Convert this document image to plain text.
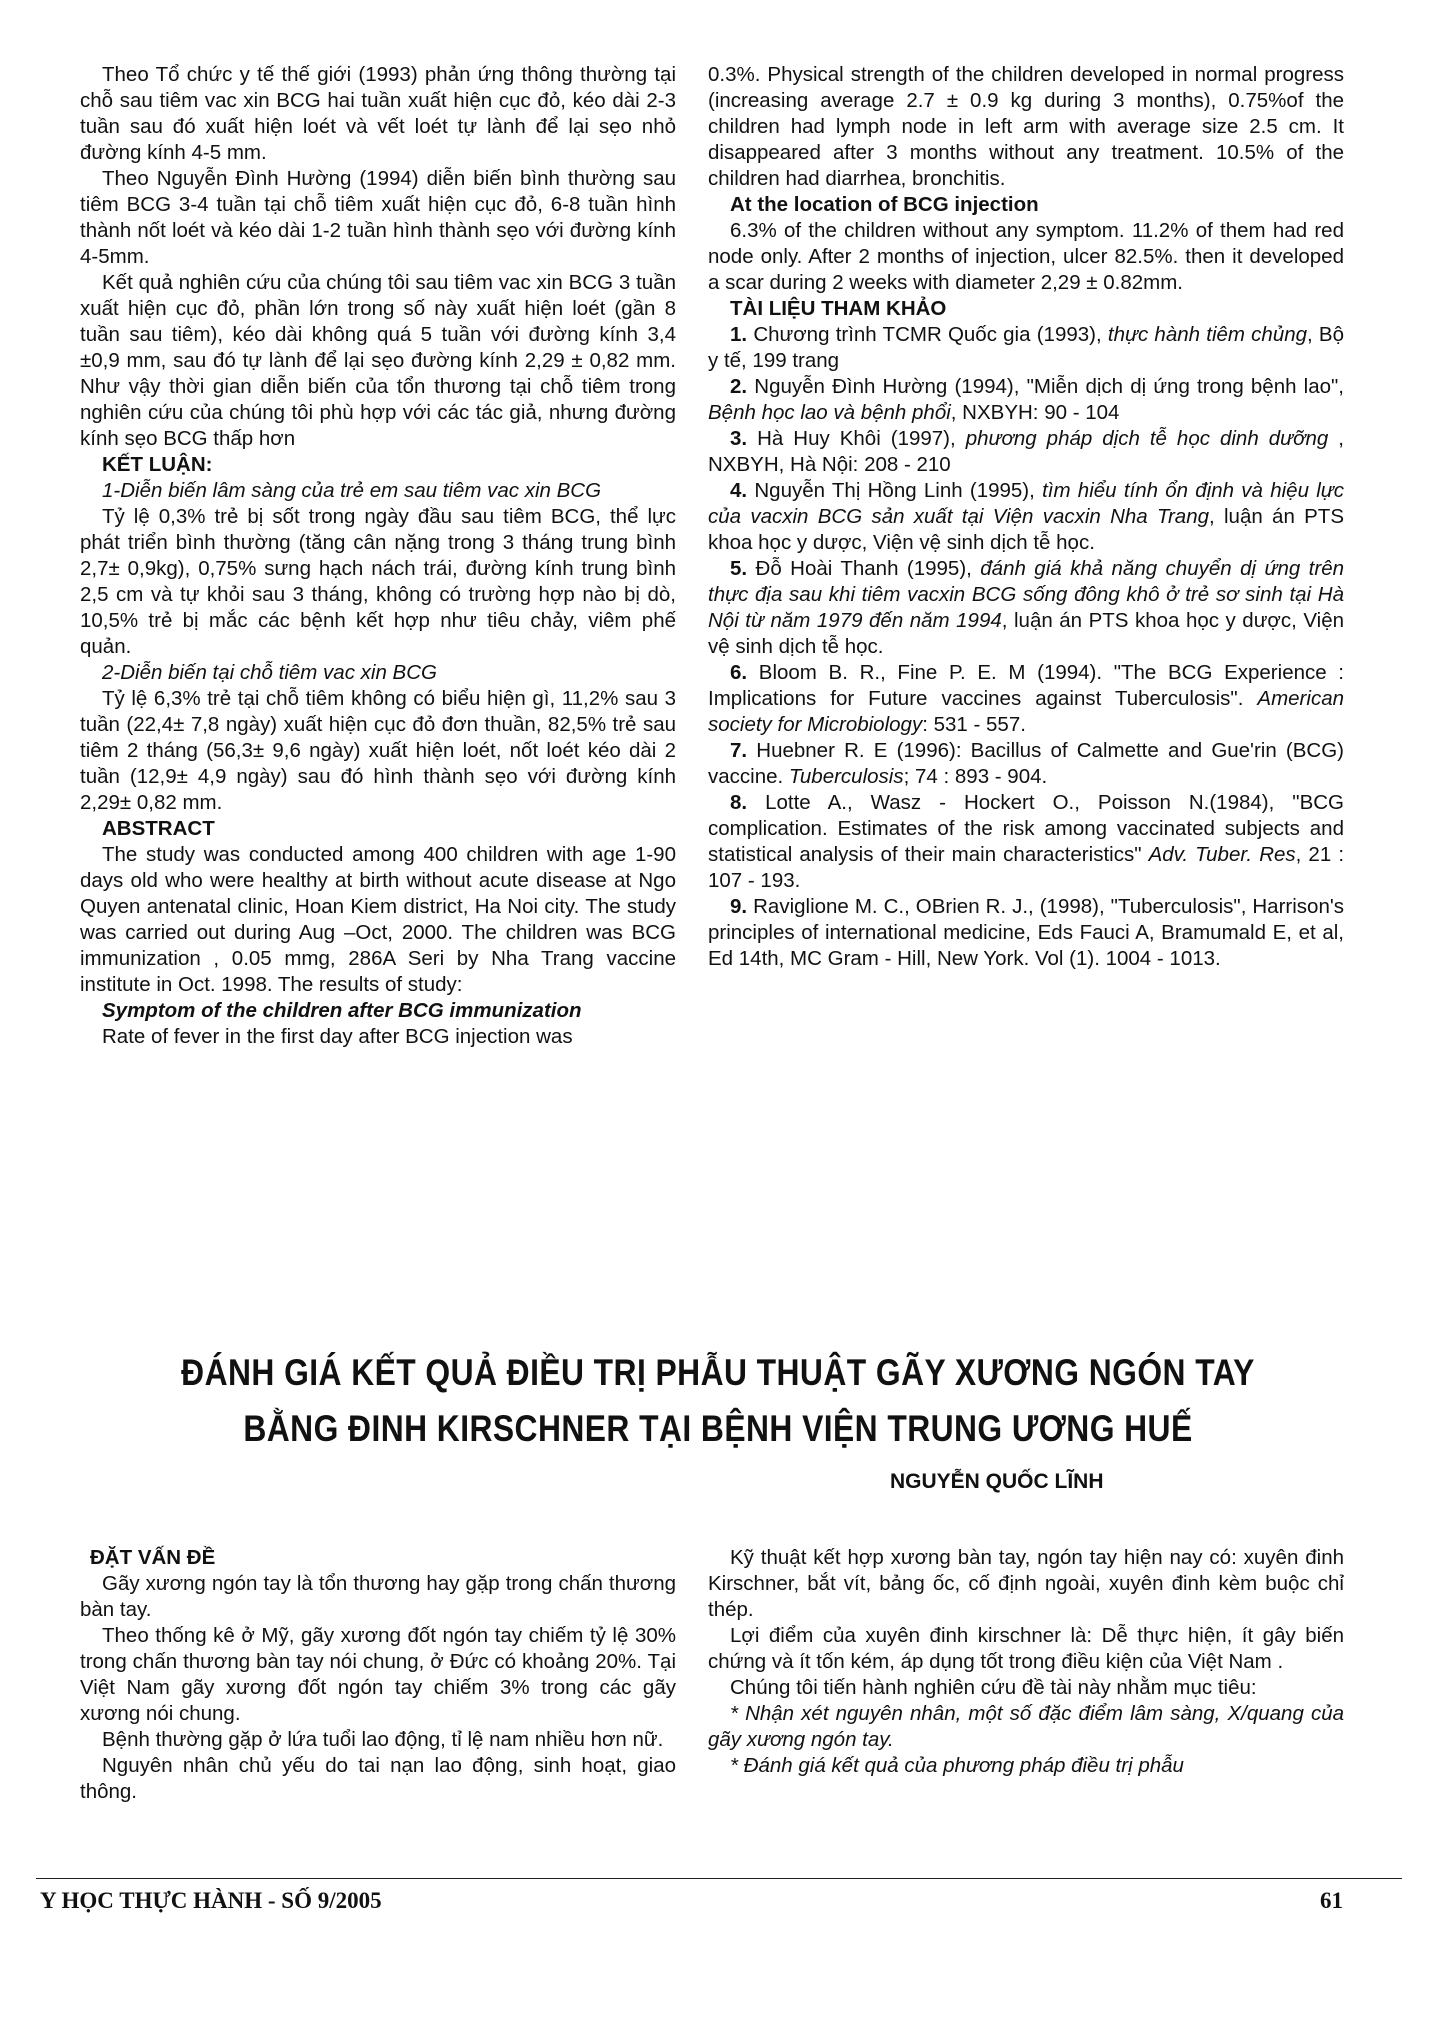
Theo Tổ chức y tế thế giới (1993) phản ứng thông thường tại chỗ sau tiêm vac xin BCG hai tuần xuất hiện cục đỏ, kéo dài 2-3 tuần sau đó xuất hiện loét và vết loét tự lành để lại sẹo nhỏ đường kính 4-5 mm.

Theo Nguyễn Đình Hường (1994) diễn biến bình thường sau tiêm BCG 3-4 tuần tại chỗ tiêm xuất hiện cục đỏ, 6-8 tuần hình thành nốt loét và kéo dài 1-2 tuần hình thành sẹo với đường kính 4-5mm.

Kết quả nghiên cứu của chúng tôi sau tiêm vac xin BCG 3 tuần xuất hiện cục đỏ, phần lớn trong số này xuất hiện loét (gần 8 tuần sau tiêm), kéo dài không quá 5 tuần với đường kính 3,4 ±0,9 mm, sau đó tự lành để lại sẹo đường kính 2,29 ± 0,82 mm. Như vậy thời gian diễn biến của tổn thương tại chỗ tiêm trong nghiên cứu của chúng tôi phù hợp với các tác giả, nhưng đường kính sẹo BCG thấp hơn

KẾT LUẬN:

1-Diễn biến lâm sàng của trẻ em sau tiêm vac xin BCG

Tỷ lệ 0,3% trẻ bị sốt trong ngày đầu sau tiêm BCG, thể lực phát triển bình thường (tăng cân nặng trong 3 tháng trung bình 2,7± 0,9kg), 0,75% sưng hạch nách trái, đường kính trung bình 2,5 cm và tự khỏi sau 3 tháng, không có trường hợp nào bị dò, 10,5% trẻ bị mắc các bệnh kết hợp như tiêu chảy, viêm phế quản.

2-Diễn biến tại chỗ tiêm vac xin BCG

Tỷ lệ 6,3% trẻ tại chỗ tiêm không có biểu hiện gì, 11,2% sau 3 tuần (22,4± 7,8 ngày) xuất hiện cục đỏ đơn thuần, 82,5% trẻ sau tiêm 2 tháng (56,3± 9,6 ngày) xuất hiện loét, nốt loét kéo dài 2 tuần (12,9± 4,9 ngày) sau đó hình thành sẹo với đường kính 2,29± 0,82 mm.

ABSTRACT

The study was conducted among 400 children with age 1-90 days old who were healthy at birth without acute disease at Ngo Quyen antenatal clinic, Hoan Kiem district, Ha Noi city. The study was carried out during Aug –Oct, 2000. The children was BCG immunization , 0.05 mmg, 286A Seri by Nha Trang vaccine institute in Oct. 1998. The results of study:

Symptom of the children after BCG immunization

Rate of fever in the first day after BCG injection was

0.3%. Physical strength of the children developed in normal progress (increasing average 2.7 ± 0.9 kg during 3 months), 0.75%of the children had lymph node in left arm with average size 2.5 cm. It disappeared after 3 months without any treatment. 10.5% of the children had diarrhea, bronchitis.

At the location of BCG injection

6.3% of the children without any symptom. 11.2% of them had red node only. After 2 months of injection, ulcer 82.5%. then it developed a scar during 2 weeks with diameter 2,29 ± 0.82mm.

TÀI LIỆU THAM KHẢO

1. Chương trình TCMR Quốc gia (1993), thực hành tiêm chủng, Bộ y tế, 199 trang

2. Nguyễn Đình Hường (1994), "Miễn dịch dị ứng trong bệnh lao", Bệnh học lao và bệnh phổi, NXBYH: 90 - 104

3. Hà Huy Khôi (1997), phương pháp dịch tễ học dinh dưỡng , NXBYH, Hà Nội: 208 - 210

4. Nguyễn Thị Hồng Linh (1995), tìm hiểu tính ổn định và hiệu lực của vacxin BCG sản xuất tại Viện vacxin Nha Trang, luận án PTS khoa học y dược, Viện vệ sinh dịch tễ học.

5. Đỗ Hoài Thanh (1995), đánh giá khả năng chuyển dị ứng trên thực địa sau khi tiêm vacxin BCG sống đông khô ở trẻ sơ sinh tại Hà Nội từ năm 1979 đến năm 1994, luận án PTS khoa học y dược, Viện vệ sinh dịch tễ học.

6. Bloom B. R., Fine P. E. M (1994). "The BCG Experience : Implications for Future vaccines against Tuberculosis". American society for Microbiology: 531 - 557.

7. Huebner R. E (1996): Bacillus of Calmette and Gue'rin (BCG) vaccine. Tuberculosis; 74 : 893 - 904.

8. Lotte A., Wasz - Hockert O., Poisson N.(1984), "BCG complication. Estimates of the risk among vaccinated subjects and statistical analysis of their main characteristics" Adv. Tuber. Res, 21 : 107 - 193.

9. Raviglione M. C., OBrien R. J., (1998), "Tuberculosis", Harrison's principles of international medicine, Eds Fauci A, Bramumald E, et al, Ed 14th, MC Gram - Hill, New York. Vol (1). 1004 - 1013.

ĐÁNH GIÁ KẾT QUẢ ĐIỀU TRỊ PHẪU THUẬT GÃY XƯƠNG NGÓN TAY
BẰNG ĐINH KIRSCHNER TẠI BỆNH VIỆN TRUNG ƯƠNG HUẾ
NGUYỄN QUỐC LĨNH

ĐẶT VẤN ĐỀ

Gãy xương ngón tay là tổn thương hay gặp trong chấn thương bàn tay.

Theo thống kê ở Mỹ, gãy xương đốt ngón tay chiếm tỷ lệ 30% trong chấn thương bàn tay nói chung, ở Đức có khoảng 20%. Tại Việt Nam gãy xương đốt ngón tay chiếm 3% trong các gãy xương nói chung.

Bệnh thường gặp ở lứa tuổi lao động, tỉ lệ nam nhiều hơn nữ.

Nguyên nhân chủ yếu do tai nạn lao động, sinh hoạt, giao thông.

Kỹ thuật kết hợp xương bàn tay, ngón tay hiện nay có: xuyên đinh Kirschner, bắt vít, bảng ốc, cố định ngoài, xuyên đinh kèm buộc chỉ thép.

Lợi điểm của xuyên đinh kirschner là: Dễ thực hiện, ít gây biến chứng và ít tốn kém, áp dụng tốt trong điều kiện của Việt Nam .

Chúng tôi tiến hành nghiên cứu đề tài này nhằm mục tiêu:

* Nhận xét nguyên nhân, một số đặc điểm lâm sàng, X/quang của gãy xương ngón tay.

* Đánh giá kết quả của phương pháp điều trị phẫu

Y HỌC THỰC HÀNH - SỐ 9/2005	61
